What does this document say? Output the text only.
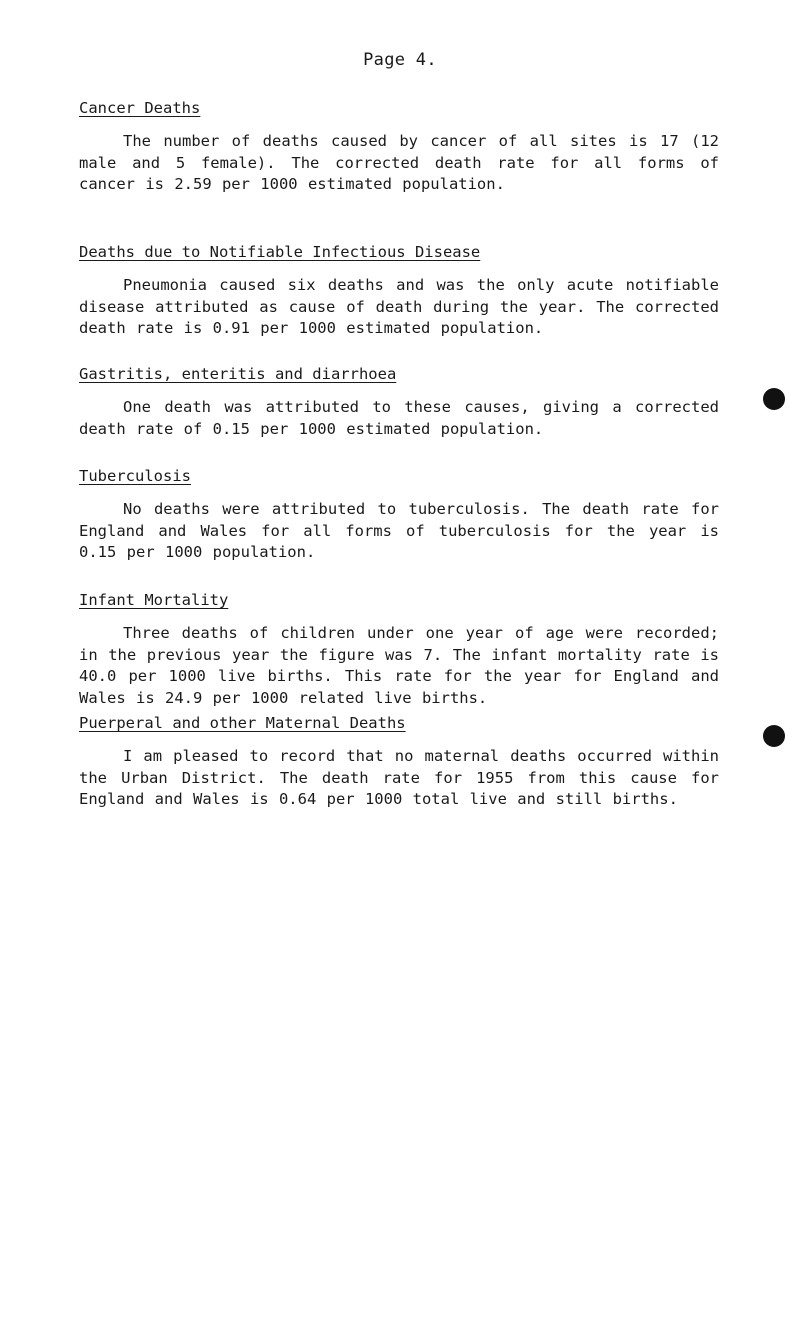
Page 4.
Cancer Deaths

The number of deaths caused by cancer of all sites is 17 (12 male and 5 female). The corrected death rate for all forms of cancer is 2.59 per 1000 estimated population.

Deaths due to Notifiable Infectious Disease

Pneumonia caused six deaths and was the only acute notifiable disease attributed as cause of death during the year. The corrected death rate is 0.91 per 1000 estimated population.

Gastritis, enteritis and diarrhoea

One death was attributed to these causes, giving a corrected death rate of 0.15 per 1000 estimated population.

Tuberculosis

No deaths were attributed to tuberculosis. The death rate for England and Wales for all forms of tuberculosis for the year is 0.15 per 1000 population.

Infant Mortality

Three deaths of children under one year of age were recorded; in the previous year the figure was 7. The infant mortality rate is 40.0 per 1000 live births. This rate for the year for England and Wales is 24.9 per 1000 related live births.

Puerperal and other Maternal Deaths

I am pleased to record that no maternal deaths occurred within the Urban District. The death rate for 1955 from this cause for England and Wales is 0.64 per 1000 total live and still births.
